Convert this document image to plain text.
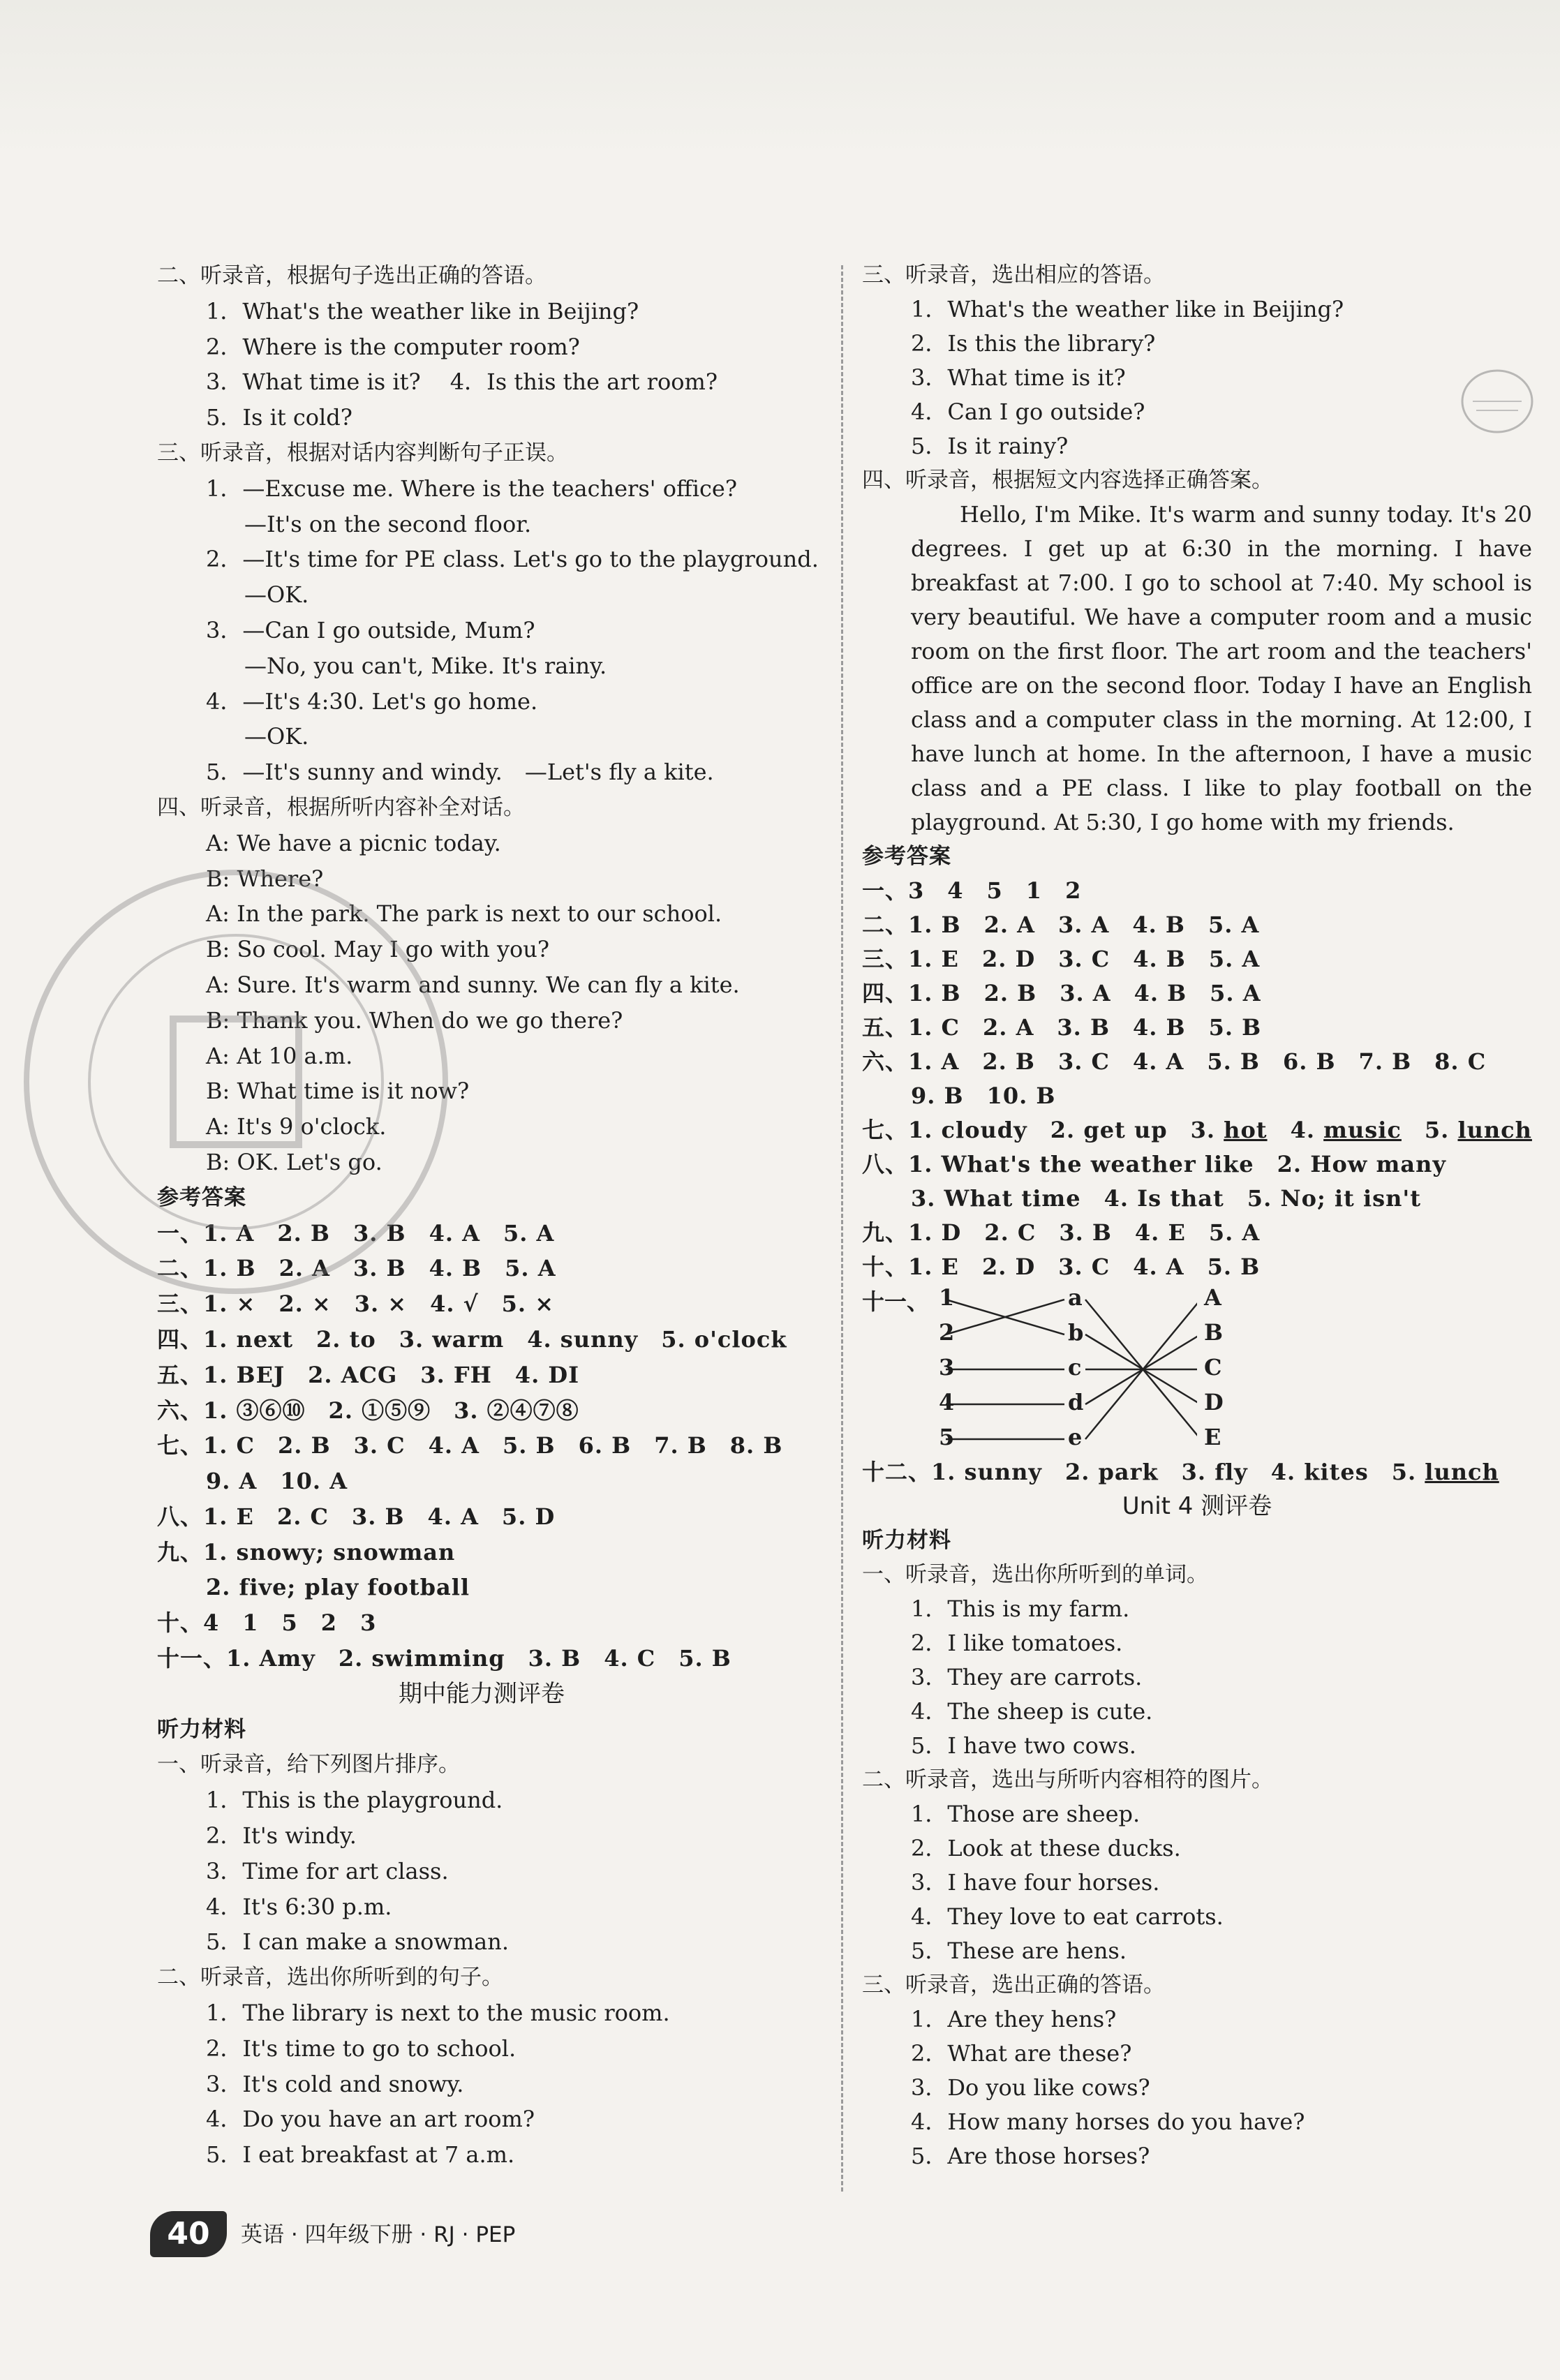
二、听录音，根据句子选出正确的答语。
1．What's the weather like in Beijing?
2．Where is the computer room?
3．What time is it?　 4．Is this the art room?
5．Is it cold?
三、听录音，根据对话内容判断句子正误。
1．—Excuse me. Where is the teachers' office?
—It's on the second floor.
2．—It's time for PE class. Let's go to the playground.
—OK.
3．—Can I go outside, Mum?
—No, you can't, Mike. It's rainy.
4．—It's 4:30. Let's go home.
—OK.
5．—It's sunny and windy.　—Let's fly a kite.
四、听录音，根据所听内容补全对话。
A: We have a picnic today.
B: Where?
A: In the park. The park is next to our school.
B: So cool. May I go with you?
A: Sure. It's warm and sunny. We can fly a kite.
B: Thank you. When do we go there?
A: At 10 a.m.
B: What time is it now?
A: It's 9 o'clock.
B: OK. Let's go.
参考答案
一、1. A　2. B　3. B　4. A　5. A
二、1. B　2. A　3. B　4. B　5. A
三、1. ×　2. ×　3. ×　4. √　5. ×
四、1. next　2. to　3. warm　4. sunny　5. o'clock
五、1. BEJ　2. ACG　3. FH　4. DI
六、1. ③⑥⑩　2. ①⑤⑨　3. ②④⑦⑧
七、1. C　2. B　3. C　4. A　5. B　6. B　7. B　8. B
9. A　10. A
八、1. E　2. C　3. B　4. A　5. D
九、1. snowy; snowman
2. five; play football
十、4　1　5　2　3
十一、1. Amy　2. swimming　3. B　4. C　5. B
期中能力测评卷
听力材料
一、听录音，给下列图片排序。
1．This is the playground.
2．It's windy.
3．Time for art class.
4．It's 6:30 p.m.
5．I can make a snowman.
二、听录音，选出你所听到的句子。
1．The library is next to the music room.
2．It's time to go to school.
3．It's cold and snowy.
4．Do you have an art room?
5．I eat breakfast at 7 a.m.
三、听录音，选出相应的答语。
1．What's the weather like in Beijing?
2．Is this the library?
3．What time is it?
4．Can I go outside?
5．Is it rainy?
四、听录音，根据短文内容选择正确答案。

Hello, I'm Mike. It's warm and sunny today. It's 20 degrees. I get up at 6:30 in the morning. I have breakfast at 7:00. I go to school at 7:40. My school is very beautiful. We have a computer room and a music room on the first floor. The art room and the teachers' office are on the second floor. Today I have an English class and a computer class in the morning. At 12:00, I have lunch at home. In the afternoon, I have a music class and a PE class. I like to play football on the playground. At 5:30, I go home with my friends.

参考答案
一、3　4　5　1　2
二、1. B　2. A　3. A　4. B　5. A
三、1. E　2. D　3. C　4. B　5. A
四、1. B　2. B　3. A　4. B　5. A
五、1. C　2. A　3. B　4. B　5. B
六、1. A　2. B　3. C　4. A　5. B　6. B　7. B　8. C
9. B　10. B
七、1. cloudy　2. get up　3. hot　4. music　5. lunch
八、1. What's the weather like　2. How many
3. What time　4. Is that　5. No; it isn't
九、1. D　2. C　3. B　4. E　5. A
十、1. E　2. D　3. C　4. A　5. B
十一、 1
2
3
4
5
a
b
c
d
e
A
B
C
D
E
十二、1. sunny　2. park　3. fly　4. kites　5. lunch
Unit 4 测评卷
听力材料
一、听录音，选出你所听到的单词。
1．This is my farm.
2．I like tomatoes.
3．They are carrots.
4．The sheep is cute.
5．I have two cows.
二、听录音，选出与所听内容相符的图片。
1．Those are sheep.
2．Look at these ducks.
3．I have four horses.
4．They love to eat carrots.
5．These are hens.
三、听录音，选出正确的答语。
1．Are they hens?
2．What are these?
3．Do you like cows?
4．How many horses do you have?
5．Are those horses?
40	英语 · 四年级下册 · RJ · PEP
